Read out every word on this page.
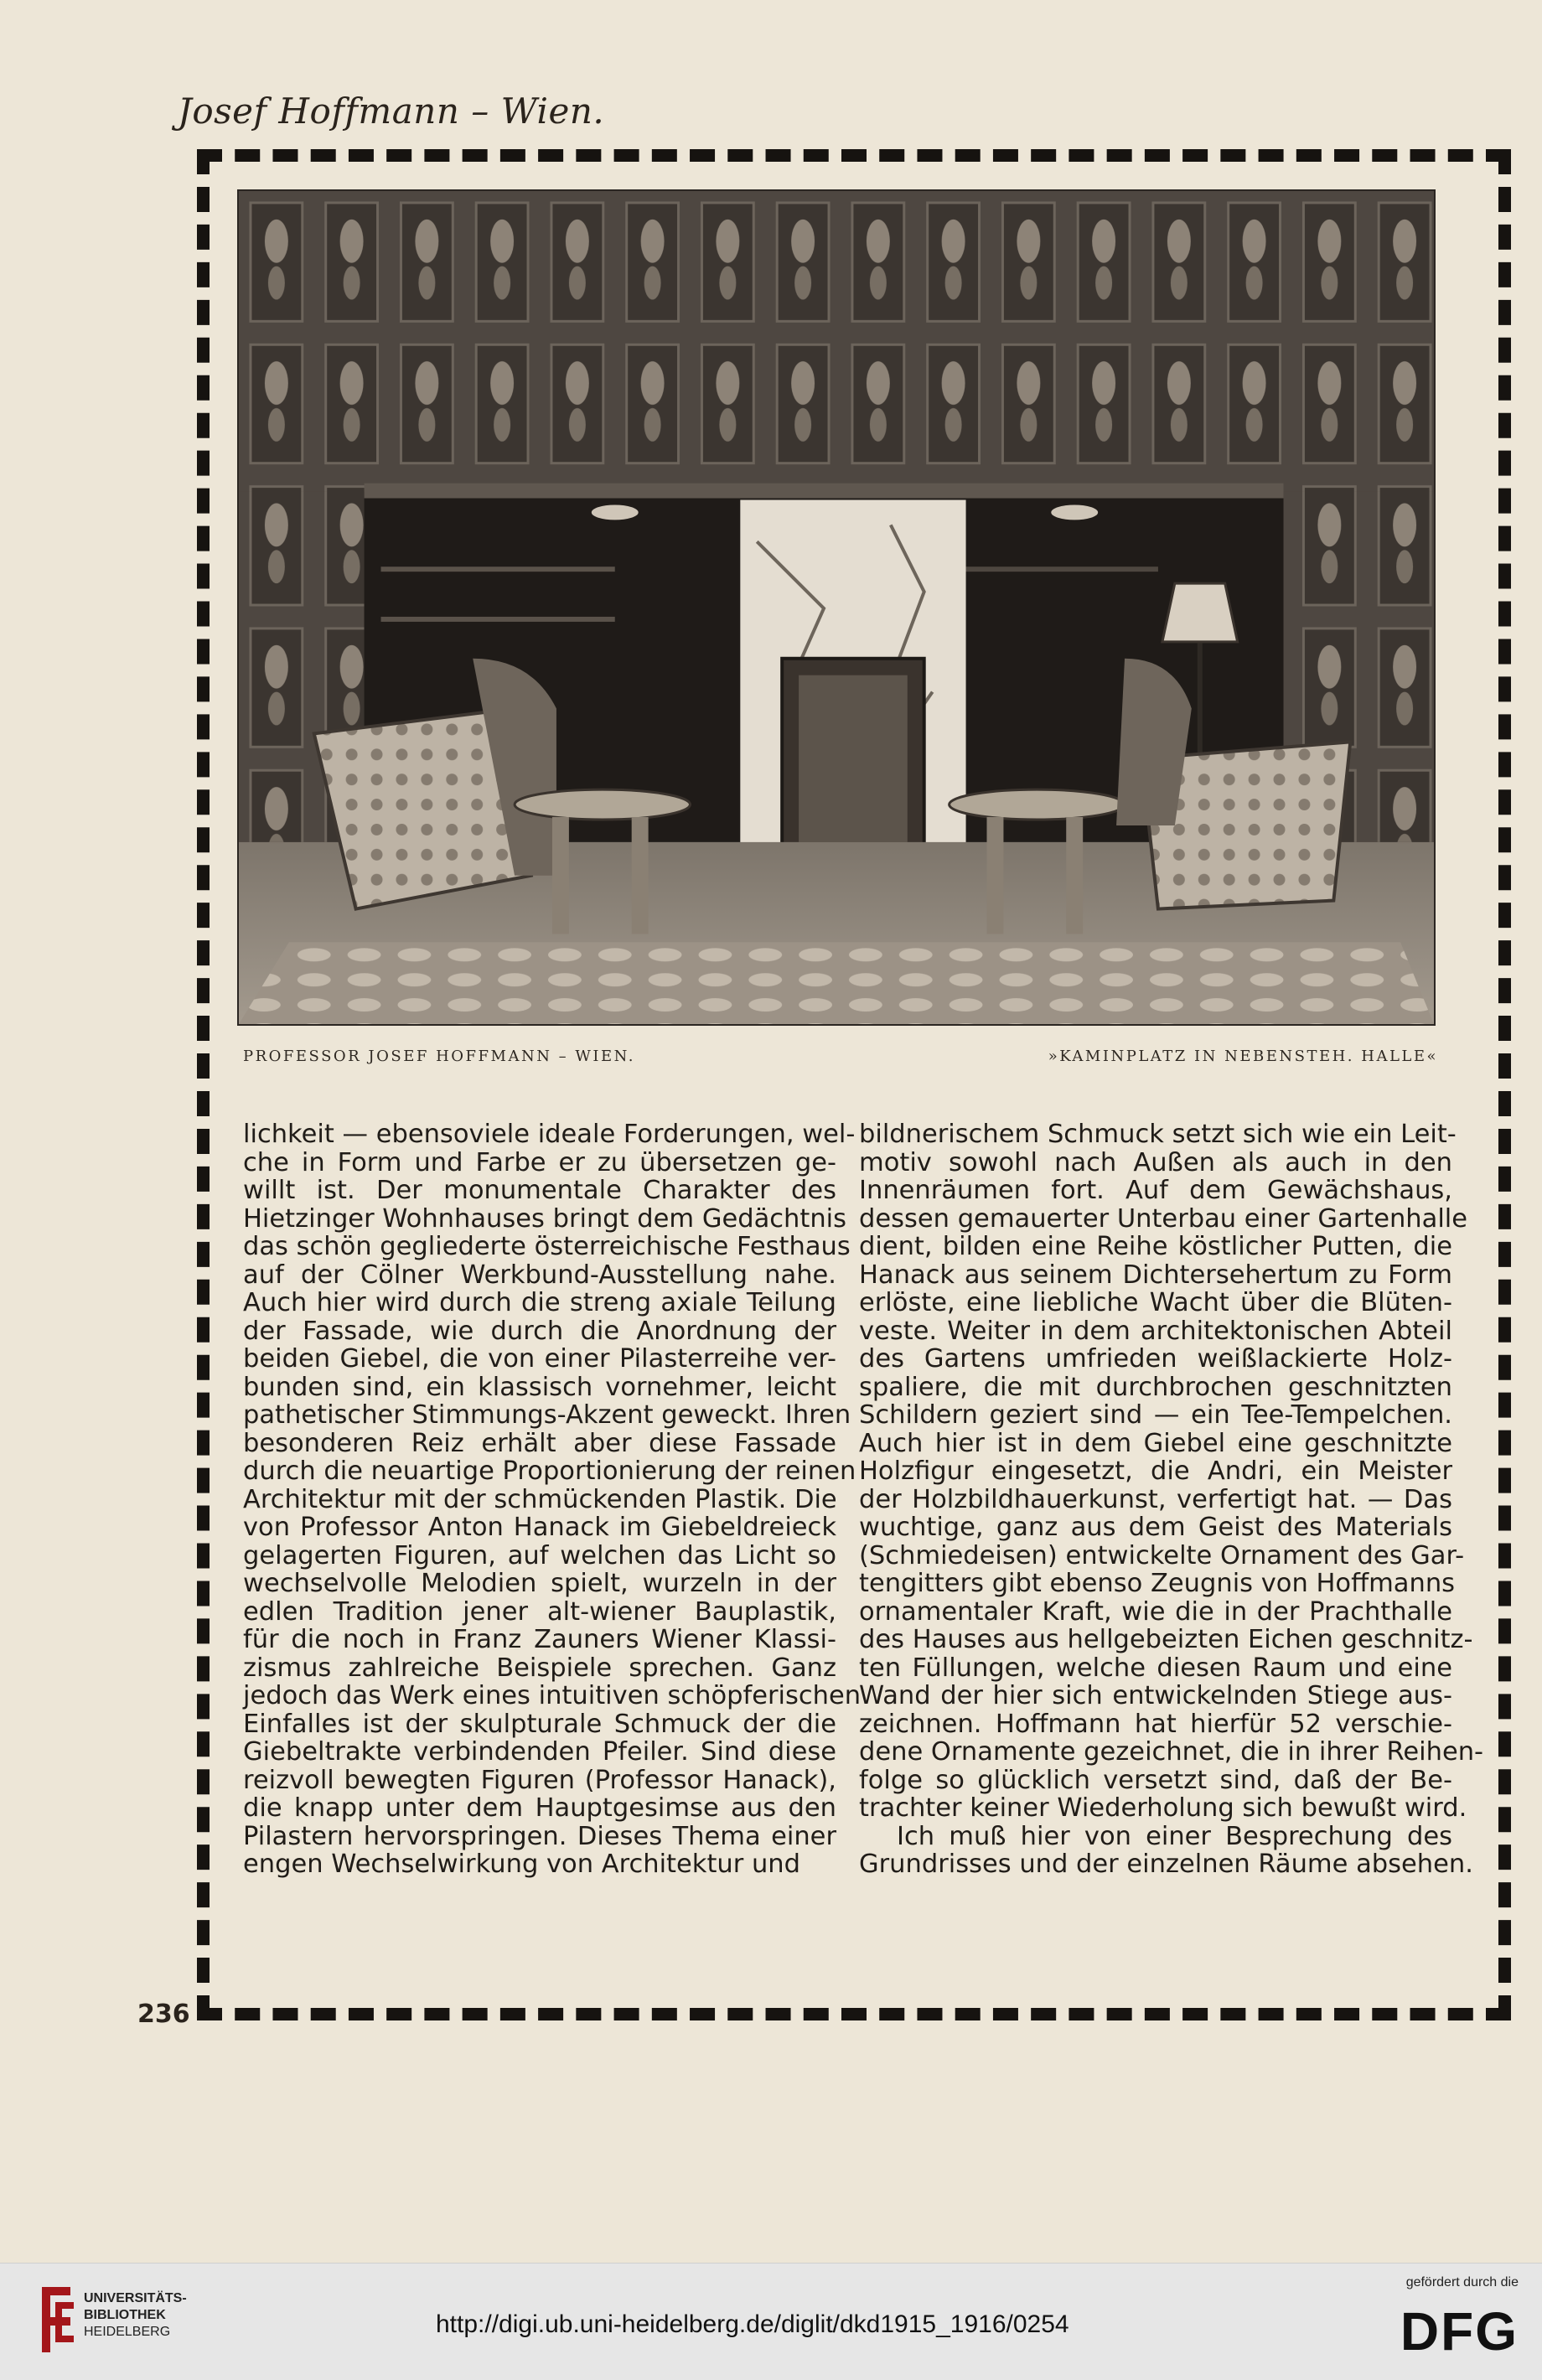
Josef Hoffmann – Wien.
PROFESSOR JOSEF HOFFMANN – WIEN.	»KAMINPLATZ IN NEBENSTEH. HALLE«
lichkeit — ebensoviele ideale Forderungen, wel-
che in Form und Farbe er zu übersetzen ge-
willt ist. Der monumentale Charakter des
Hietzinger Wohnhauses bringt dem Gedächtnis
das schön gegliederte österreichische Festhaus
auf der Cölner Werkbund-Ausstellung nahe.
Auch hier wird durch die streng axiale Teilung
der Fassade, wie durch die Anordnung der
beiden Giebel, die von einer Pilasterreihe ver-
bunden sind, ein klassisch vornehmer, leicht
pathetischer Stimmungs-Akzent geweckt. Ihren
besonderen Reiz erhält aber diese Fassade
durch die neuartige Proportionierung der reinen
Architektur mit der schmückenden Plastik. Die
von Professor Anton Hanack im Giebeldreieck
gelagerten Figuren, auf welchen das Licht so
wechselvolle Melodien spielt, wurzeln in der
edlen Tradition jener alt-wiener Bauplastik,
für die noch in Franz Zauners Wiener Klassi-
zismus zahlreiche Beispiele sprechen. Ganz
jedoch das Werk eines intuitiven schöpferischen
Einfalles ist der skulpturale Schmuck der die
Giebeltrakte verbindenden Pfeiler. Sind diese
reizvoll bewegten Figuren (Professor Hanack),
die knapp unter dem Hauptgesimse aus den
Pilastern hervorspringen. Dieses Thema einer
engen Wechselwirkung von Architektur und
bildnerischem Schmuck setzt sich wie ein Leit-
motiv sowohl nach Außen als auch in den
Innenräumen fort. Auf dem Gewächshaus,
dessen gemauerter Unterbau einer Gartenhalle
dient, bilden eine Reihe köstlicher Putten, die
Hanack aus seinem Dichtersehertum zu Form
erlöste, eine liebliche Wacht über die Blüten-
veste. Weiter in dem architektonischen Abteil
des Gartens umfrieden weißlackierte Holz-
spaliere, die mit durchbrochen geschnitzten
Schildern geziert sind — ein Tee-Tempelchen.
Auch hier ist in dem Giebel eine geschnitzte
Holzfigur eingesetzt, die Andri, ein Meister
der Holzbildhauerkunst, verfertigt hat. — Das
wuchtige, ganz aus dem Geist des Materials
(Schmiedeisen) entwickelte Ornament des Gar-
tengitters gibt ebenso Zeugnis von Hoffmanns
ornamentaler Kraft, wie die in der Prachthalle
des Hauses aus hellgebeizten Eichen geschnitz-
ten Füllungen, welche diesen Raum und eine
Wand der hier sich entwickelnden Stiege aus-
zeichnen. Hoffmann hat hierfür 52 verschie-
dene Ornamente gezeichnet, die in ihrer Reihen-
folge so glücklich versetzt sind, daß der Be-
trachter keiner Wiederholung sich bewußt wird.
Ich muß hier von einer Besprechung des
Grundrisses und der einzelnen Räume absehen.
236
UNIVERSITÄTS-
BIBLIOTHEK
HEIDELBERG	http://digi.ub.uni-heidelberg.de/diglit/dkd1915_1916/0254
gefördert durch die
DFG
